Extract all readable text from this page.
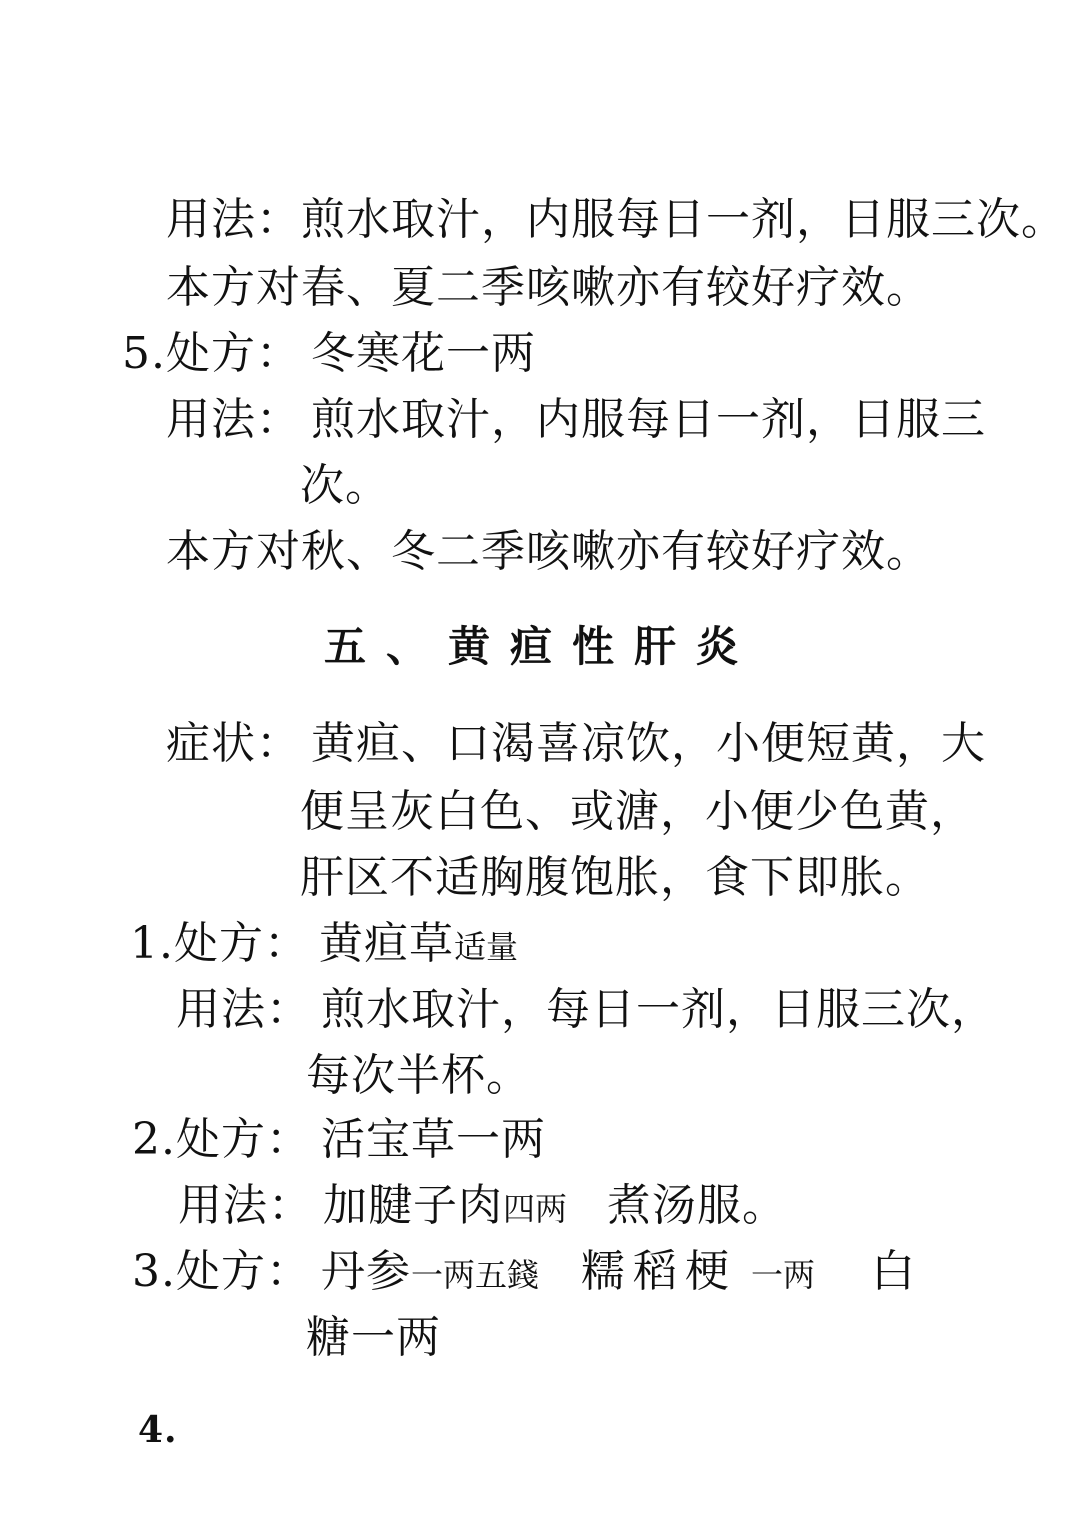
用法：煎水取汁，内服每日一剂，日服三次。
本方对春、夏二季咳嗽亦有较好疗效。
5.处方： 冬寒花一两
用法： 煎水取汁，内服每日一剂，日服三
次。
本方对秋、冬二季咳嗽亦有较好疗效。
五、黄疸性肝炎
症状： 黄疸、口渴喜凉饮，小便短黄，大
便呈灰白色、或溏，小便少色黄，
肝区不适胸腹饱胀，食下即胀。
1.处方： 黄疸草适量
用法： 煎水取汁，每日一剂，日服三次，
每次半杯。
2.处方： 活宝草一两
用法： 加腱子肉四两 煮汤服。
3.处方： 丹参一两五錢 糯稻梗 一两 白
糖一两
4.
